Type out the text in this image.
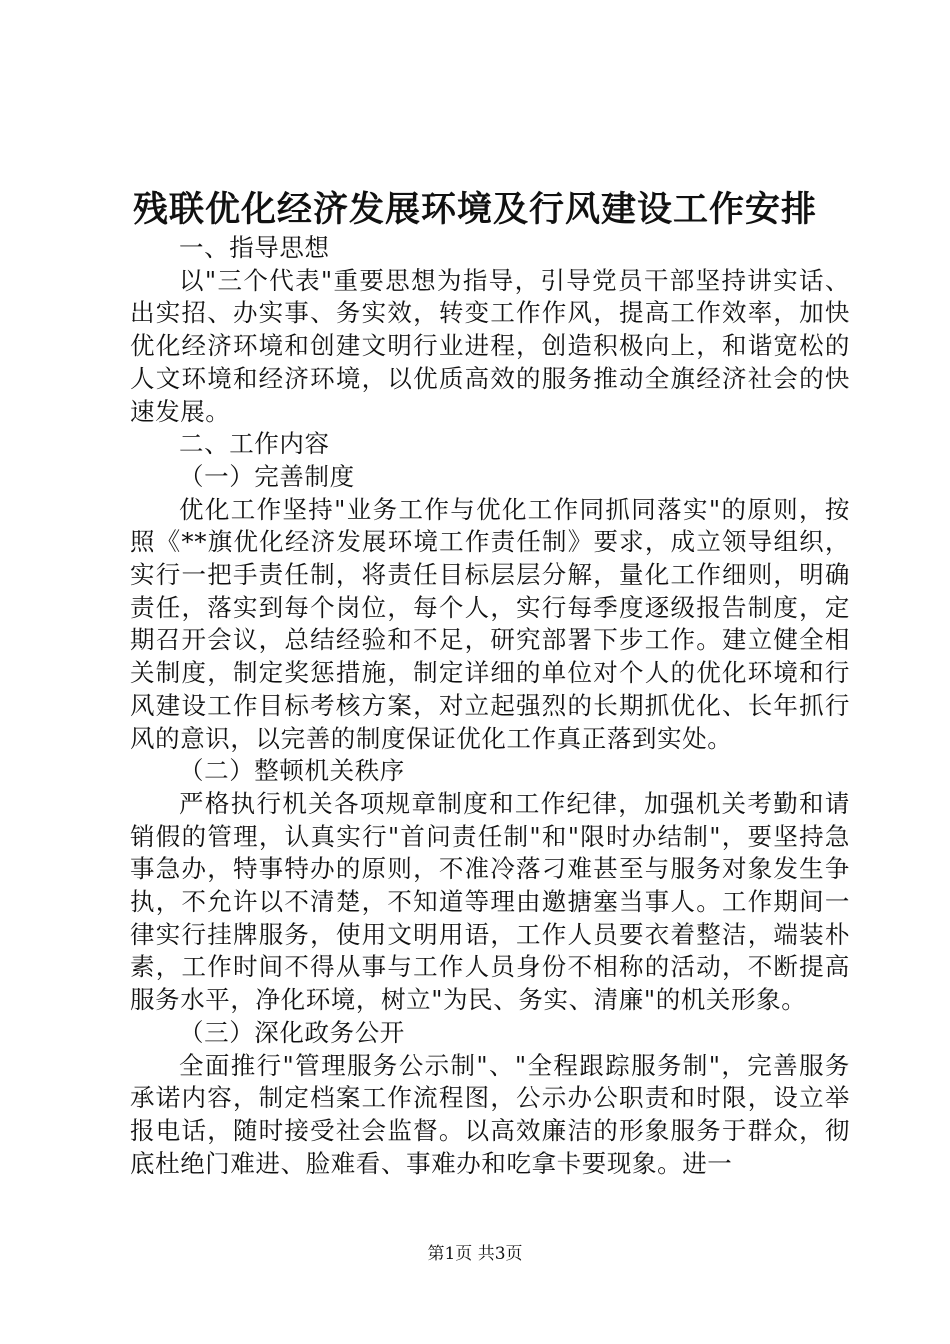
残联优化经济发展环境及行风建设工作安排

一、指导思想

以"三个代表"重要思想为指导，引导党员干部坚持讲实话、出实招、办实事、务实效，转变工作作风，提高工作效率，加快优化经济环境和创建文明行业进程，创造积极向上，和谐宽松的人文环境和经济环境，以优质高效的服务推动全旗经济社会的快速发展。

二、工作内容

（一）完善制度

优化工作坚持"业务工作与优化工作同抓同落实"的原则，按照《**旗优化经济发展环境工作责任制》要求，成立领导组织，实行一把手责任制，将责任目标层层分解，量化工作细则，明确责任，落实到每个岗位，每个人，实行每季度逐级报告制度，定期召开会议，总结经验和不足，研究部署下步工作。建立健全相关制度，制定奖惩措施，制定详细的单位对个人的优化环境和行风建设工作目标考核方案，对立起强烈的长期抓优化、长年抓行风的意识，以完善的制度保证优化工作真正落到实处。

（二）整顿机关秩序

严格执行机关各项规章制度和工作纪律，加强机关考勤和请销假的管理，认真实行"首问责任制"和"限时办结制"，要坚持急事急办，特事特办的原则，不准冷落刁难甚至与服务对象发生争执，不允许以不清楚，不知道等理由邀搪塞当事人。工作期间一律实行挂牌服务，使用文明用语，工作人员要衣着整洁，端装朴素，工作时间不得从事与工作人员身份不相称的活动，不断提高服务水平，净化环境，树立"为民、务实、清廉"的机关形象。

（三）深化政务公开

全面推行"管理服务公示制"、"全程跟踪服务制"，完善服务承诺内容，制定档案工作流程图，公示办公职责和时限，设立举报电话，随时接受社会监督。以高效廉洁的形象服务于群众，彻底杜绝门难进、脸难看、事难办和吃拿卡要现象。进一

第1页 共3页
